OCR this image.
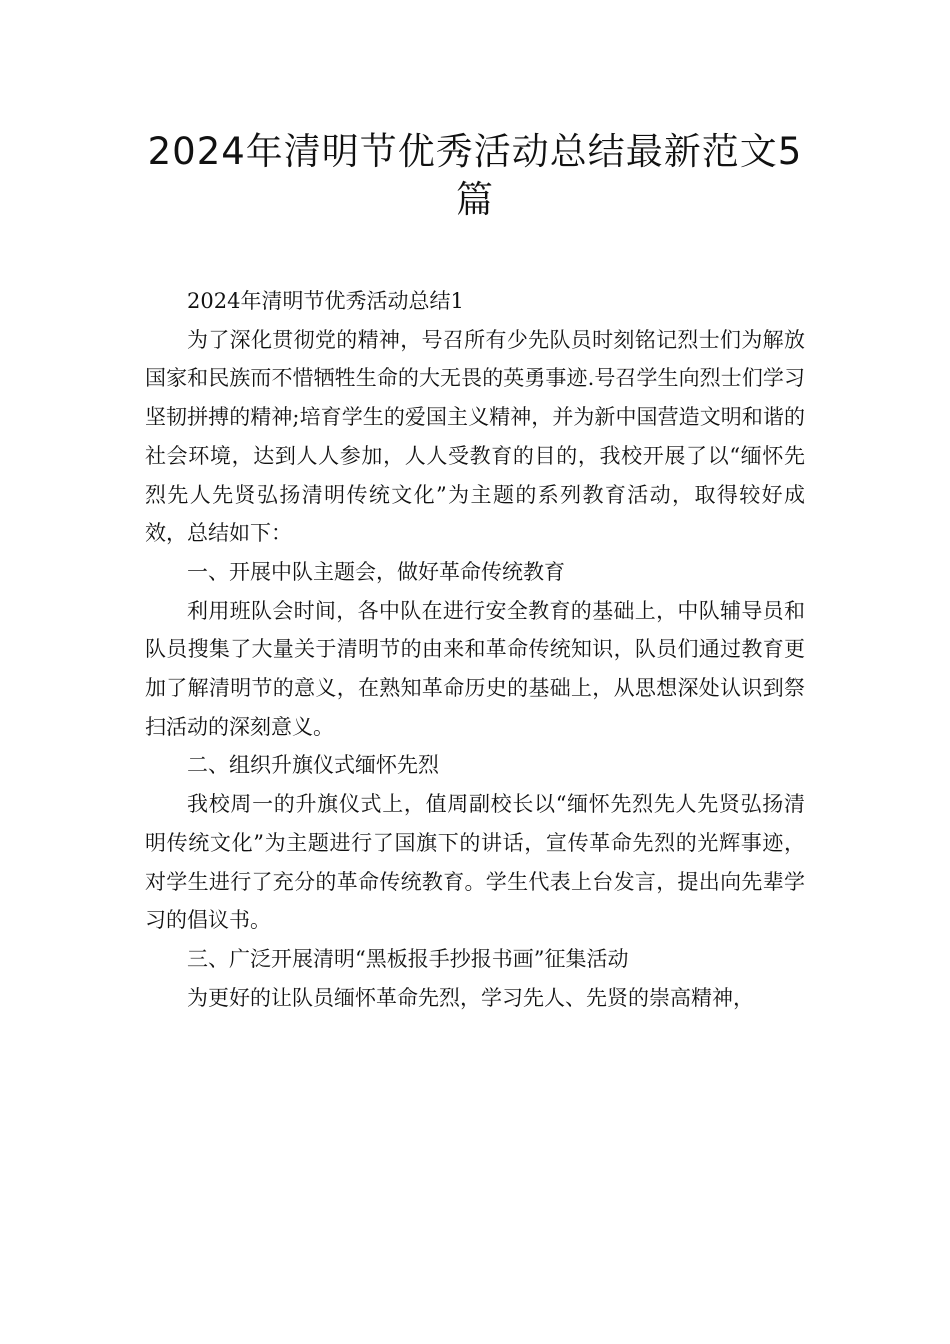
2024年清明节优秀活动总结最新范文5篇

2024年清明节优秀活动总结1

为了深化贯彻党的精神，号召所有少先队员时刻铭记烈士们为解放国家和民族而不惜牺牲生命的大无畏的英勇事迹.号召学生向烈士们学习坚韧拼搏的精神;培育学生的爱国主义精神，并为新中国营造文明和谐的社会环境，达到人人参加，人人受教育的目的，我校开展了以“缅怀先烈先人先贤弘扬清明传统文化”为主题的系列教育活动，取得较好成效，总结如下：

一、开展中队主题会，做好革命传统教育

利用班队会时间，各中队在进行安全教育的基础上，中队辅导员和队员搜集了大量关于清明节的由来和革命传统知识，队员们通过教育更加了解清明节的意义，在熟知革命历史的基础上，从思想深处认识到祭扫活动的深刻意义。

二、组织升旗仪式缅怀先烈

我校周一的升旗仪式上，值周副校长以“缅怀先烈先人先贤弘扬清明传统文化”为主题进行了国旗下的讲话，宣传革命先烈的光辉事迹，对学生进行了充分的革命传统教育。学生代表上台发言，提出向先辈学习的倡议书。

三、广泛开展清明“黑板报手抄报书画”征集活动

为更好的让队员缅怀革命先烈，学习先人、先贤的崇高精神，
